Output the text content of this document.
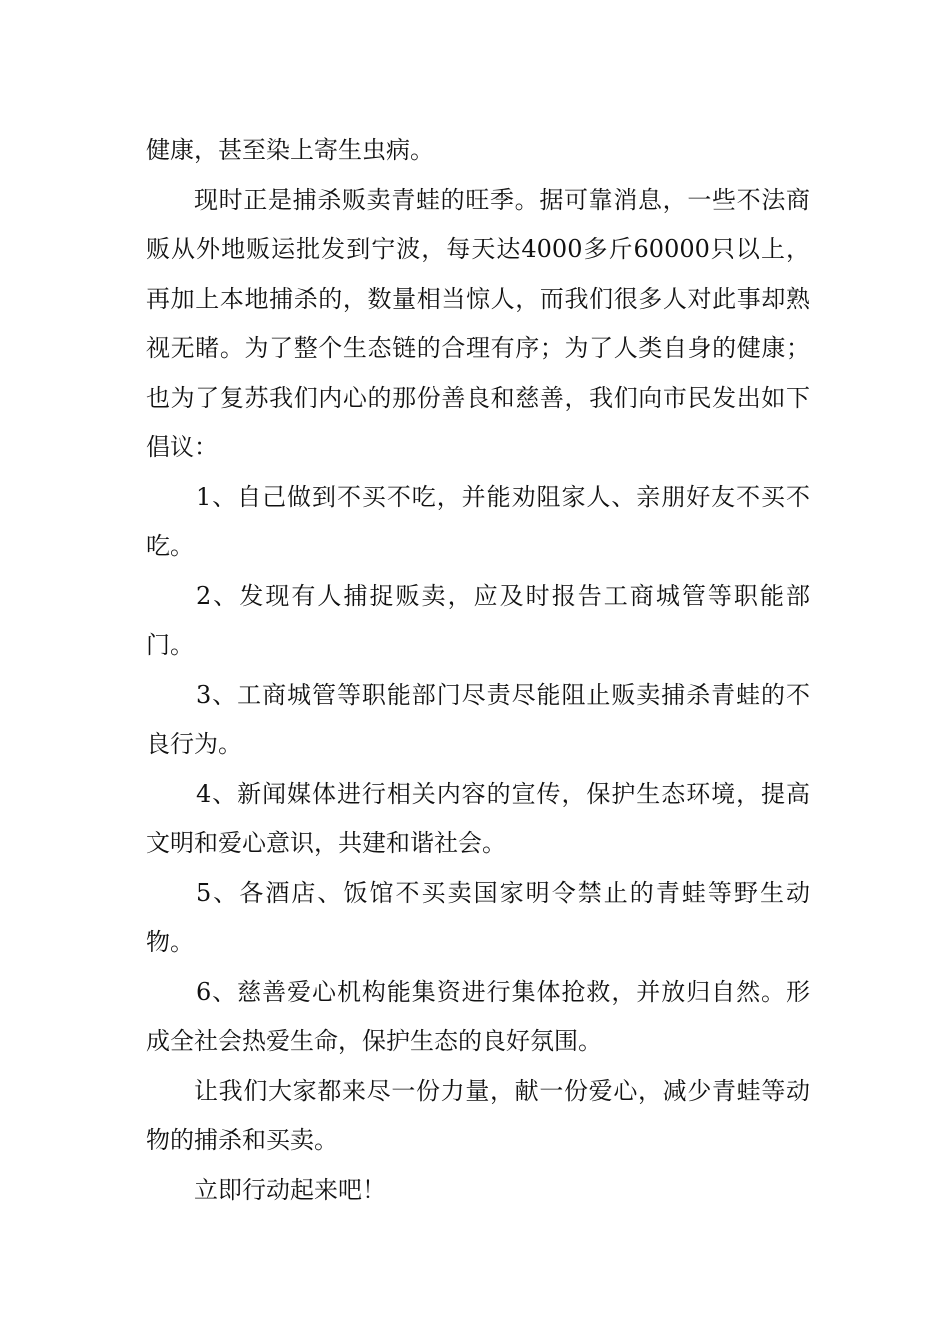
健康，甚至染上寄生虫病。

现时正是捕杀贩卖青蛙的旺季。据可靠消息，一些不法商贩从外地贩运批发到宁波，每天达4000多斤60000只以上，再加上本地捕杀的，数量相当惊人，而我们很多人对此事却熟视无睹。为了整个生态链的合理有序；为了人类自身的健康；也为了复苏我们内心的那份善良和慈善，我们向市民发出如下倡议：

1、自己做到不买不吃，并能劝阻家人、亲朋好友不买不吃。

2、发现有人捕捉贩卖，应及时报告工商城管等职能部门。

3、工商城管等职能部门尽责尽能阻止贩卖捕杀青蛙的不良行为。

4、新闻媒体进行相关内容的宣传，保护生态环境，提高文明和爱心意识，共建和谐社会。

5、各酒店、饭馆不买卖国家明令禁止的青蛙等野生动物。

6、慈善爱心机构能集资进行集体抢救，并放归自然。形成全社会热爱生命，保护生态的良好氛围。

让我们大家都来尽一份力量，献一份爱心，减少青蛙等动物的捕杀和买卖。

立即行动起来吧！
